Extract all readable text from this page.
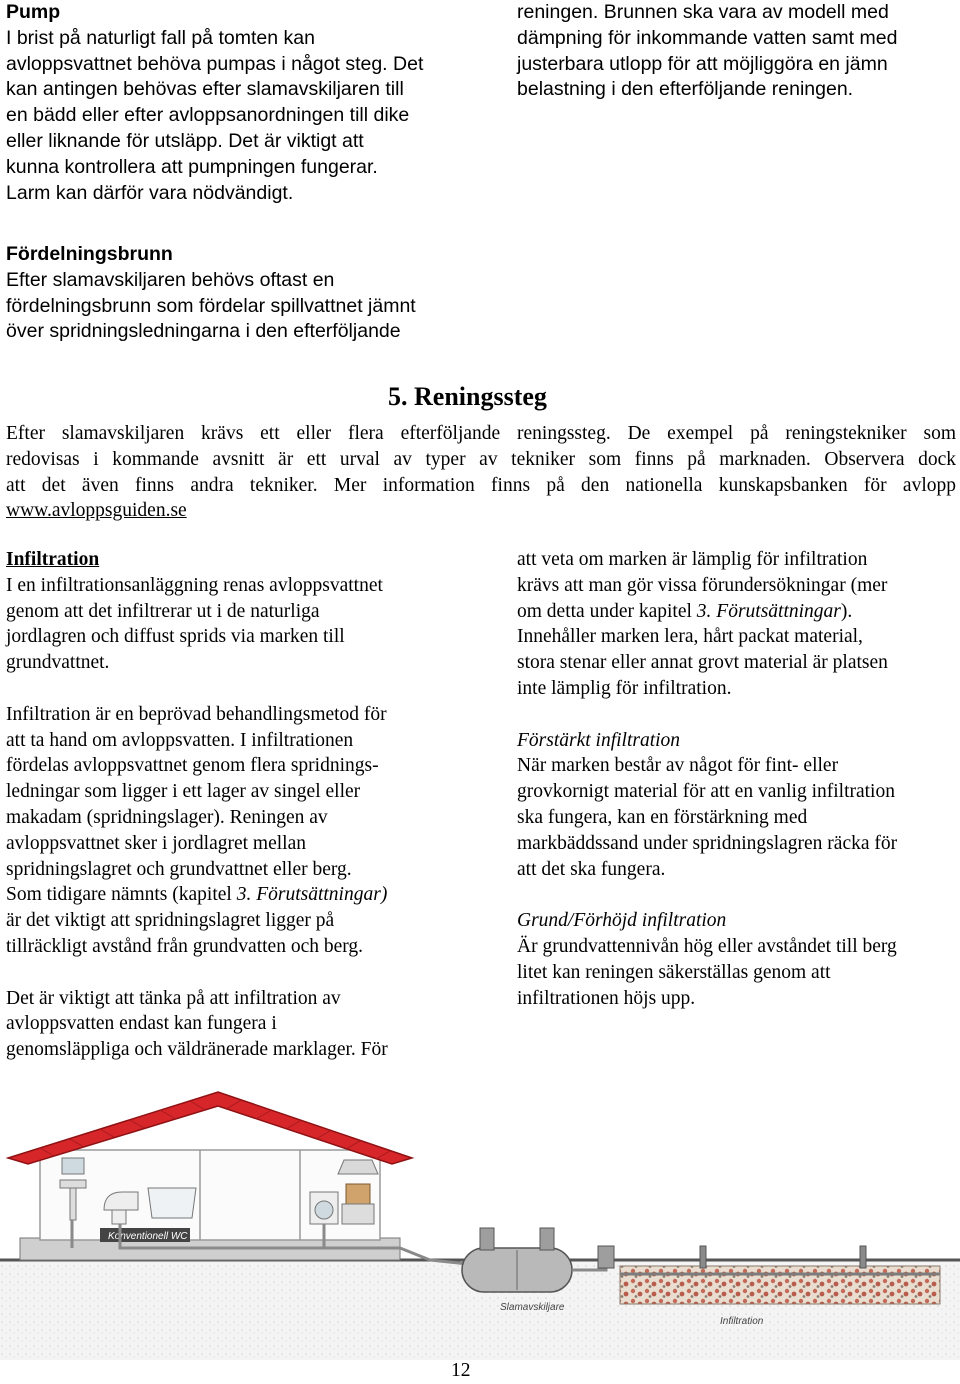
Pump
I brist på naturligt fall på tomten kan
avloppsvattnet behöva pumpas i något steg. Det
kan antingen behövas efter slamavskiljaren till
en bädd eller efter avloppsanordningen till dike
eller liknande för utsläpp. Det är viktigt att
kunna kontrollera att pumpningen fungerar.
Larm kan därför vara nödvändigt.
Fördelningsbrunn
Efter slamavskiljaren behövs oftast en
fördelningsbrunn som fördelar spillvattnet jämnt
över spridningsledningarna i den efterföljande
reningen. Brunnen ska vara av modell med
dämpning för inkommande vatten samt med
justerbara utlopp för att möjliggöra en jämn
belastning i den efterföljande reningen.
5. Reningssteg
Efter slamavskiljaren krävs ett eller flera efterföljande reningssteg. De exempel på reningstekniker som
redovisas i kommande avsnitt är ett urval av typer av tekniker som finns på marknaden. Observera dock
att det även finns andra tekniker. Mer information finns på den nationella kunskapsbanken för avlopp
www.avloppsguiden.se
Infiltration
I en infiltrationsanläggning renas avloppsvattnet
genom att det infiltrerar ut i de naturliga
jordlagren och diffust sprids via marken till
grundvattnet.

Infiltration är en beprövad behandlingsmetod för
att ta hand om avloppsvatten. I infiltrationen
fördelas avloppsvattnet genom flera spridnings-
ledningar som ligger i ett lager av singel eller
makadam (spridningslager). Reningen av
avloppsvattnet sker i jordlagret mellan
spridningslagret och grundvattnet eller berg.
Som tidigare nämnts (kapitel 3. Förutsättningar)
är det viktigt att spridningslagret ligger på
tillräckligt avstånd från grundvatten och berg.

Det är viktigt att tänka på att infiltration av
avloppsvatten endast kan fungera i
genomsläppliga och väldränerade marklager. För
att veta om marken är lämplig för infiltration
krävs att man gör vissa förundersökningar (mer
om detta under kapitel 3. Förutsättningar).
Innehåller marken lera, hårt packat material,
stora stenar eller annat grovt material är platsen
inte lämplig för infiltration.

Förstärkt infiltration
När marken består av något för fint- eller
grovkornigt material för att en vanlig infiltration
ska fungera, kan en förstärkning med
markbäddssand under spridningslagren räcka för
att det ska fungera.

Grund/Förhöjd infiltration
Är grundvattennivån hög eller avståndet till berg
litet kan reningen säkerställas genom att
infiltrationen höjs upp.
Konventionell WC
Slamavskiljare
Infiltration
12
